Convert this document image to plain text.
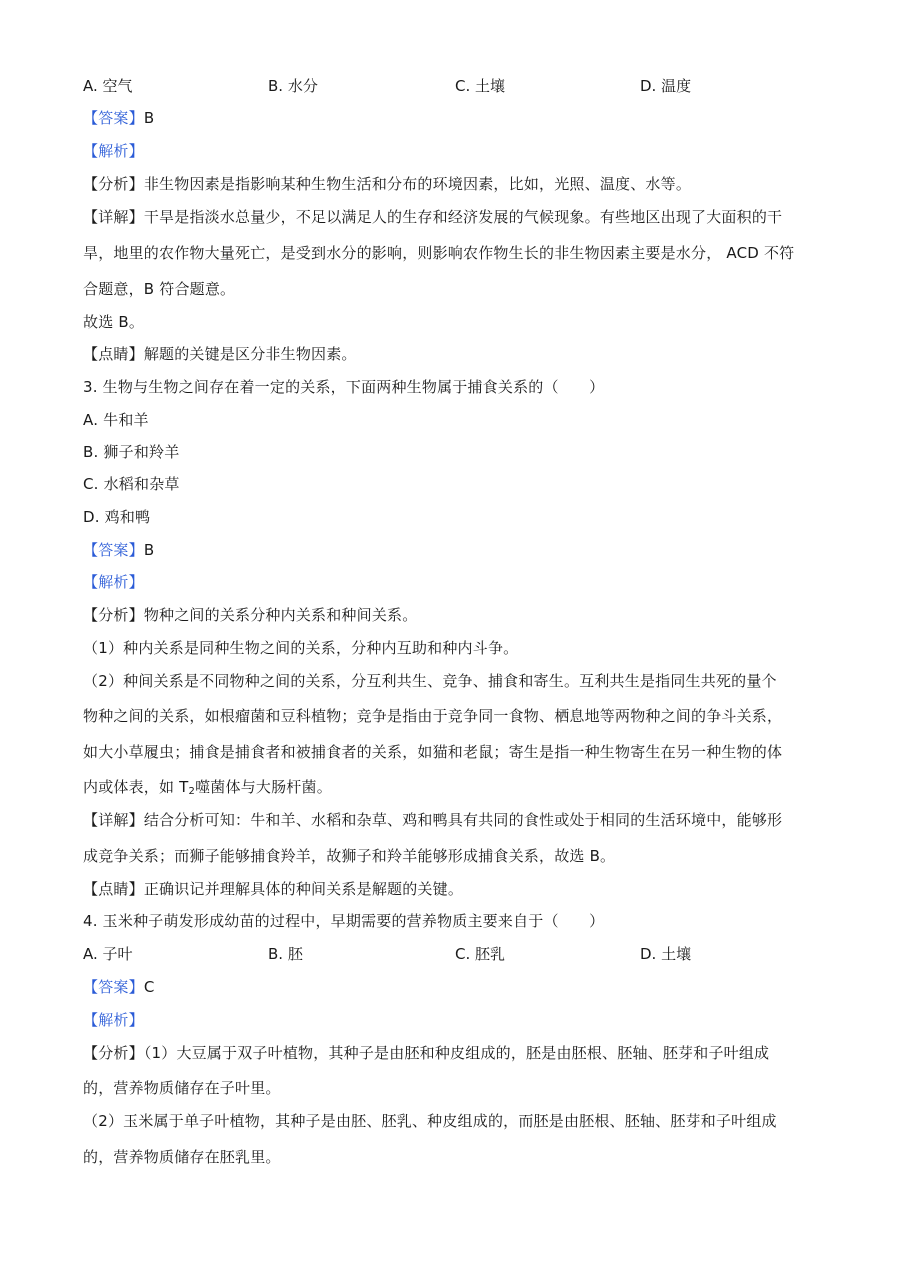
A. 空气	B. 水分	C. 土壤	D. 温度
【答案】B
【解析】
【分析】非生物因素是指影响某种生物生活和分布的环境因素，比如，光照、温度、水等。
【详解】干旱是指淡水总量少，不足以满足人的生存和经济发展的气候现象。有些地区出现了大面积的干
旱，地里的农作物大量死亡，是受到水分的影响，则影响农作物生长的非生物因素主要是水分， ACD 不符
合题意，B 符合题意。
故选 B。
【点睛】解题的关键是区分非生物因素。
3. 生物与生物之间存在着一定的关系，下面两种生物属于捕食关系的（　　）
A. 牛和羊
B. 狮子和羚羊
C. 水稻和杂草
D. 鸡和鸭
【答案】B
【解析】
【分析】物种之间的关系分种内关系和种间关系。
（1）种内关系是同种生物之间的关系，分种内互助和种内斗争。
（2）种间关系是不同物种之间的关系，分互利共生、竞争、捕食和寄生。互利共生是指同生共死的量个
物种之间的关系，如根瘤菌和豆科植物；竞争是指由于竞争同一食物、栖息地等两物种之间的争斗关系，
如大小草履虫；捕食是捕食者和被捕食者的关系，如猫和老鼠；寄生是指一种生物寄生在另一种生物的体
内或体表，如 $T_2$噬菌体与大肠杆菌。
【详解】结合分析可知：牛和羊、水稻和杂草、鸡和鸭具有共同的食性或处于相同的生活环境中，能够形
成竞争关系；而狮子能够捕食羚羊，故狮子和羚羊能够形成捕食关系，故选 B。
【点睛】正确识记并理解具体的种间关系是解题的关键。
4. 玉米种子萌发形成幼苗的过程中，早期需要的营养物质主要来自于（　　）
A. 子叶	B. 胚	C. 胚乳	D. 土壤
【答案】C
【解析】
【分析】（1）大豆属于双子叶植物，其种子是由胚和种皮组成的，胚是由胚根、胚轴、胚芽和子叶组成
的，营养物质储存在子叶里。
（2）玉米属于单子叶植物，其种子是由胚、胚乳、种皮组成的，而胚是由胚根、胚轴、胚芽和子叶组成
的，营养物质储存在胚乳里。
